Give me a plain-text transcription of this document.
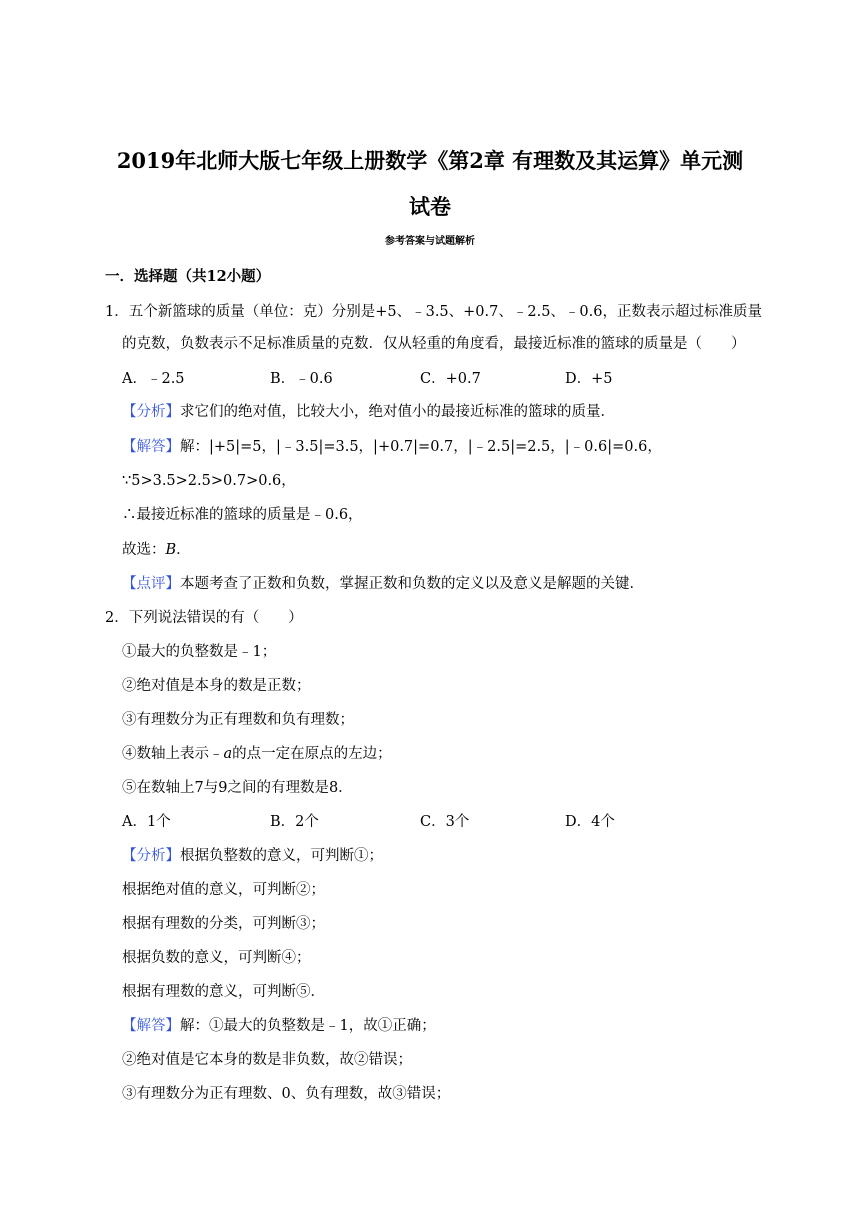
2019年北师大版七年级上册数学《第2章 有理数及其运算》单元测
试卷
参考答案与试题解析
一．选择题（共12小题）
1．五个新篮球的质量（单位：克）分别是+5、﹣3.5、+0.7、﹣2.5、﹣0.6，正数表示超过标准质量
的克数，负数表示不足标准质量的克数．仅从轻重的角度看，最接近标准的篮球的质量是（　　）
A．﹣2.5	B．﹣0.6	C．+0.7	D．+5
【分析】求它们的绝对值，比较大小，绝对值小的最接近标准的篮球的质量．
【解答】解：|+5|=5，|﹣3.5|=3.5，|+0.7|=0.7，|﹣2.5|=2.5，|﹣0.6|=0.6，
∵5>3.5>2.5>0.7>0.6，
∴最接近标准的篮球的质量是﹣0.6，
故选：B．
【点评】本题考查了正数和负数，掌握正数和负数的定义以及意义是解题的关键．
2．下列说法错误的有（　　）
①最大的负整数是﹣1；
②绝对值是本身的数是正数；
③有理数分为正有理数和负有理数；
④数轴上表示﹣a的点一定在原点的左边；
⑤在数轴上7与9之间的有理数是8．
A．1个	B．2个	C．3个	D．4个
【分析】根据负整数的意义，可判断①；
根据绝对值的意义，可判断②；
根据有理数的分类，可判断③；
根据负数的意义，可判断④；
根据有理数的意义，可判断⑤．
【解答】解：①最大的负整数是﹣1，故①正确；
②绝对值是它本身的数是非负数，故②错误；
③有理数分为正有理数、0、负有理数，故③错误；
